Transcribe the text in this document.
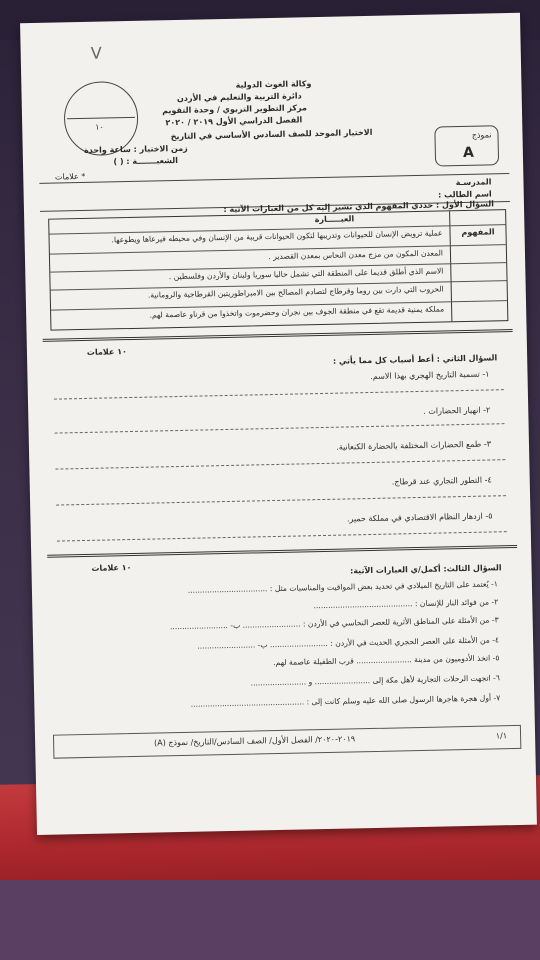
V
١٠
وكالة الغوث الدولية
دائرة التربية والتعليم في الأردن
مركز التطوير التربوي / وحدة التقويم
الفصل الدراسي الأول ٢٠١٩ / ٢٠٢٠
الاختبار الموحد للصف السادس الأساسي في التاريخ
زمن الاختبار : ساعة واحدة
الشعبـــــــة : ( )
* علامات
نموذج
A
المدرسـة
اسم الطالب :
السؤال الأول : حددي المفهوم الذي تشير إليه كل من العبارات الآتية :
العبـــــارة
المفهوم
عملية ترويض الإنسان للحيوانات وتدريبها لتكون الحيوانات قريبة من الإنسان وفي محيطه فيرعاها ويطوعها.
المعدن المكون من مزج معدن النحاس بمعدن القصدير .
الاسم الذي أطلق قديما على المنطقة التي تشمل حاليا سوريا ولبنان والأردن وفلسطين .
الحروب التي دارت بين روما وقرطاج لتصادم المصالح بين الامبراطوريتين القرطاجية والرومانية.
مملكة يمنية قديمة تقع في منطقة الجوف بين نجران وحضرموت واتخذوا من قرناو عاصمة لهم.
١٠ علامات
السؤال الثاني : أعط أسباب كل مما يأتي :
١- تسمية التاريخ الهجري بهذا الاسم.
٢- انهيار الحضارات .
٣- طمع الحضارات المختلفة بالحضارة الكنعانية.
٤- التطور التجاري عند قرطاج.
٥- ازدهار النظام الاقتصادي في مملكة حمير.
١٠ علامات	السؤال الثالث: أكمل/ي العبارات الآتية:
١- يُعتمد على التاريخ الميلادي في تحديد بعض المواقيت والمناسبات مثل : .................................
٢- من فوائد النار للإنسان : .........................................
٣- من الأمثلة على المناطق الأثرية للعصر النحاسي في الأردن : ........................ ب- ........................
٤- من الأمثلة على العصر الحجري الحديث في الأردن : ........................ ب- ........................
٥- اتخذ الأدوميون من مدينة ....................... قرب الطفيلة عاصمة لهم.
٦- اتجهت الرحلات التجارية لأهل مكة إلى ....................... و .......................
٧- أول هجرة هاجرها الرسول صلى الله عليه وسلم كانت إلى : ...............................................
٢٠١٩-٢٠٢٠/ الفصل الأول/ الصف السادس/التاريخ/ نموذج (A)	١/١
